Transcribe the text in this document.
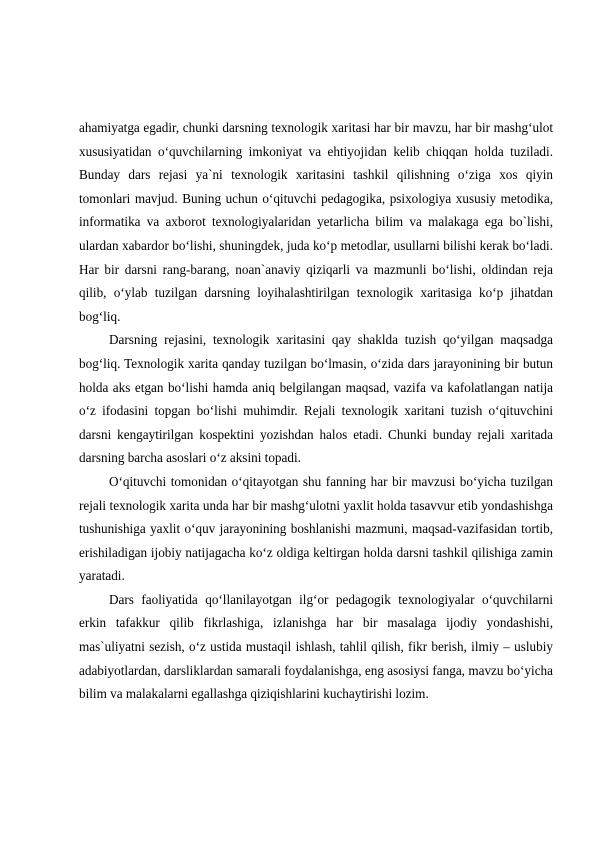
ahamiyatga egadir, chunki darsning texnologik xaritasi har bir mavzu, har bir mashg‘ulot xususiyatidan o‘quvchilarning imkoniyat va ehtiyojidan kelib chiqqan holda tuziladi. Bunday dars rejasi ya`ni texnologik xaritasini tashkil qilishning o‘ziga xos qiyin tomonlari mavjud. Buning uchun o‘qituvchi pedagogika, psixologiya xususiy metodika, informatika va axborot texnologiyalaridan yetarlicha bilim va malakaga ega bo`lishi, ulardan xabardor bo‘lishi, shuningdek, juda ko‘p metodlar, usullarni bilishi kerak bo‘ladi. Har bir darsni rang-barang, noan`anaviy qiziqarli va mazmunli bo‘lishi, oldindan reja qilib, o‘ylab tuzilgan darsning loyihalashtirilgan texnologik xaritasiga ko‘p jihatdan bog‘liq.

Darsning rejasini, texnologik xaritasini qay shaklda tuzish qo‘yilgan maqsadga bog‘liq. Texnologik xarita qanday tuzilgan bo‘lmasin, o‘zida dars jarayonining bir butun holda aks etgan bo‘lishi hamda aniq belgilangan maqsad, vazifa va kafolatlangan natija o‘z ifodasini topgan bo‘lishi muhimdir. Rejali texnologik xaritani tuzish o‘qituvchini darsni kengaytirilgan kospektini yozishdan halos etadi. Chunki bunday rejali xaritada darsning barcha asoslari o‘z aksini topadi.

O‘qituvchi tomonidan o‘qitayotgan shu fanning har bir mavzusi bo‘yicha tuzilgan rejali texnologik xarita unda har bir mashg‘ulotni yaxlit holda tasavvur etib yondashishga tushunishiga yaxlit o‘quv jarayonining boshlanishi mazmuni, maqsad-vazifasidan tortib, erishiladigan ijobiy natijagacha ko‘z oldiga keltirgan holda darsni tashkil qilishiga zamin yaratadi.

Dars faoliyatida qo‘llanilayotgan ilg‘or pedagogik texnologiyalar o‘quvchilarni erkin tafakkur qilib fikrlashiga, izlanishga har bir masalaga ijodiy yondashishi, mas`uliyatni sezish, o‘z ustida mustaqil ishlash, tahlil qilish, fikr berish, ilmiy – uslubiy adabiyotlardan, darsliklardan samarali foydalanishga, eng asosiysi fanga, mavzu bo‘yicha bilim va malakalarni egallashga qiziqishlarini kuchaytirishi lozim.
